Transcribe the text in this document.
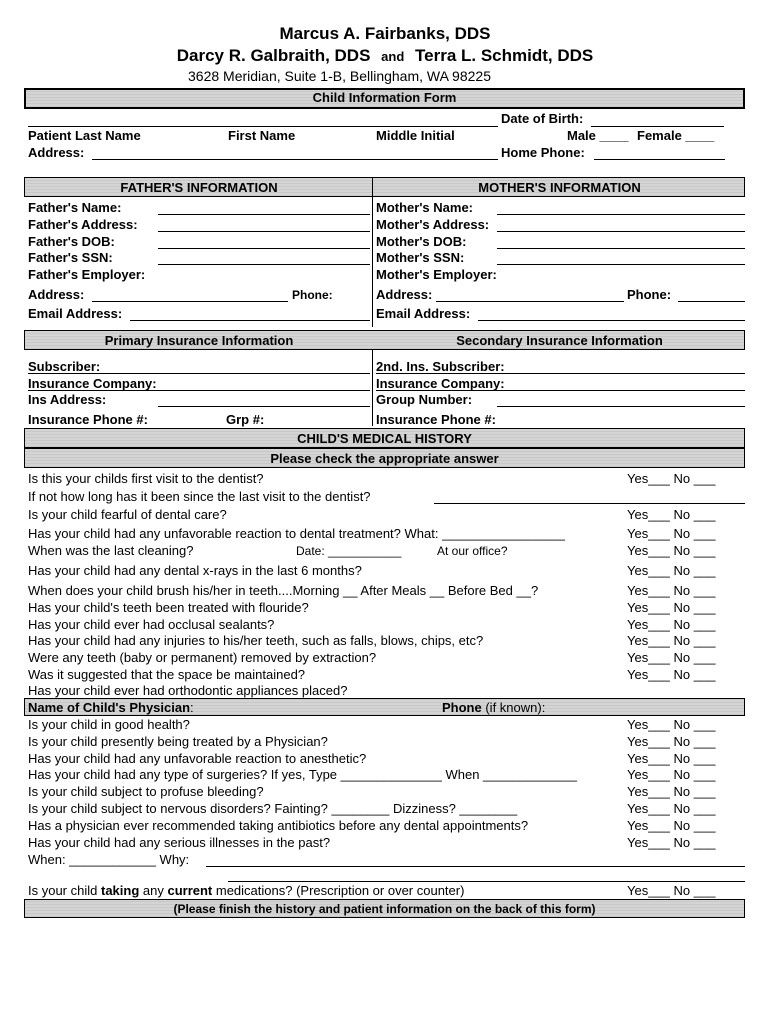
Marcus A. Fairbanks, DDS
Darcy R. Galbraith, DDS and Terra L. Schmidt, DDS
3628 Meridian, Suite 1-B, Bellingham, WA 98225
Child Information Form
Date of Birth:
Patient Last Name	First Name	Middle Initial	Male ____ Female ____
Address:	Home Phone:
FATHER'S INFORMATION	MOTHER'S INFORMATION
Father's Name:
Father's Address:
Father's DOB:
Father's SSN:
Father's Employer:
Address:	Phone:
Email Address:
Mother's Name:
Mother's Address:
Mother's DOB:
Mother's SSN:
Mother's Employer:
Address:	Phone:
Email Address:
Primary Insurance Information	Secondary Insurance Information
Subscriber:
Insurance Company:
Ins Address:
Insurance Phone #:	Grp #:
2nd. Ins. Subscriber:
Insurance Company:
Group Number:
Insurance Phone #:
CHILD'S MEDICAL HISTORY
Please check the appropriate answer
Is this your childs first visit to the dentist?	Yes___ No ___
If not how long has it been since the last visit to the dentist?
Is your child fearful of dental care?	Yes___ No ___
Has your child had any unfavorable reaction to dental treatment? What: _________________	Yes___ No ___
When was the last cleaning?	Date: ___________	At our office?	Yes___ No ___
Has your child had any dental x-rays in the last 6 months?	Yes___ No ___
When does your child brush his/her in teeth....Morning __ After Meals __ Before Bed __?	Yes___ No ___
Has your child's teeth been treated with flouride?	Yes___ No ___
Has your child ever had occlusal sealants?	Yes___ No ___
Has your child had any injuries to his/her teeth, such as falls, blows, chips, etc?	Yes___ No ___
Were any teeth (baby or permanent) removed by extraction?	Yes___ No ___
Was it suggested that the space be maintained?	Yes___ No ___
Has your child ever had orthodontic appliances placed?
Name of Child's Physician:	Phone (if known):
Is your child in good health?	Yes___ No ___
Is your child presently being treated by a Physician?	Yes___ No ___
Has your child had any unfavorable reaction to anesthetic?	Yes___ No ___
Has your child had any type of surgeries? If yes, Type ______________ When _____________	Yes___ No ___
Is your child subject to profuse bleeding?	Yes___ No ___
Is your child subject to nervous disorders? Fainting? ________ Dizziness? ________	Yes___ No ___
Has a physician ever recommended taking antibiotics before any dental appointments?	Yes___ No ___
Has your child had any serious illnesses in the past?	Yes___ No ___
When: ____________ Why:
Is your child taking any current medications? (Prescription or over counter)	Yes___ No ___
(Please finish the history and patient information on the back of this form)
